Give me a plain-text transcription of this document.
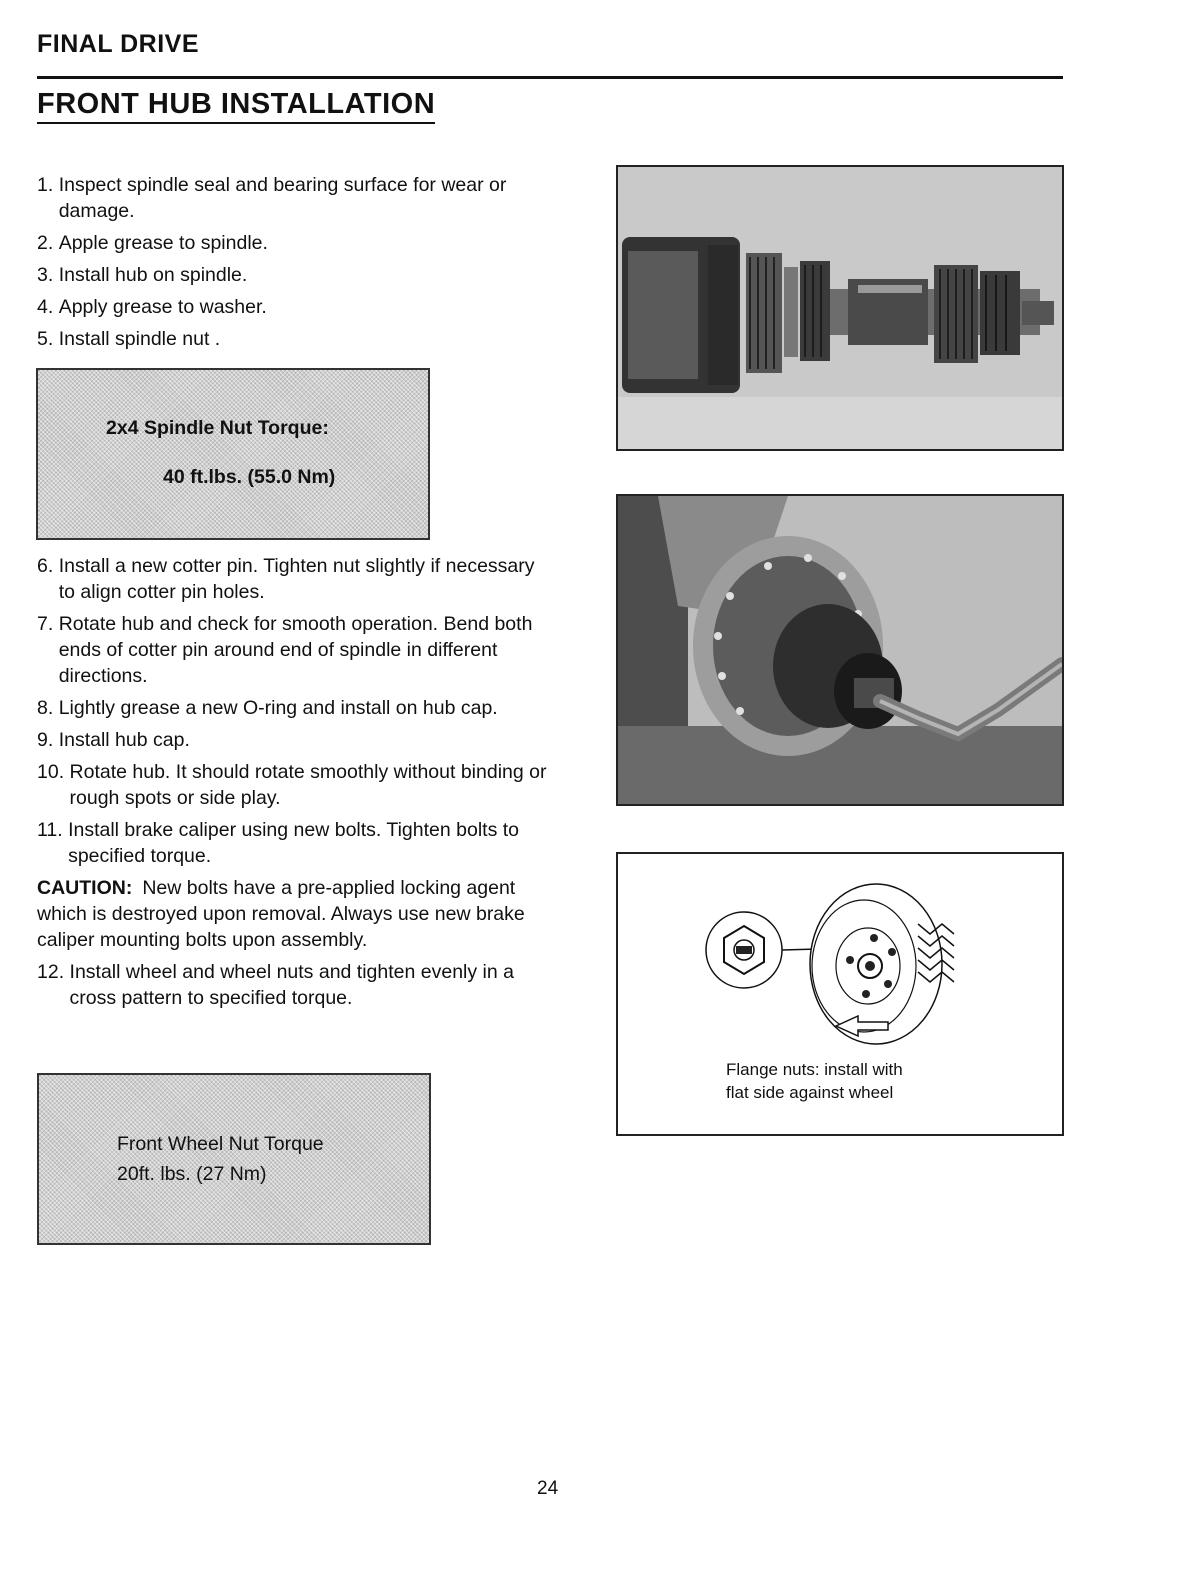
FINAL DRIVE
FRONT HUB INSTALLATION
1. Inspect spindle seal and bearing surface for wear or damage.
2. Apple grease to spindle.
3. Install hub on spindle.
4. Apply grease to washer.
5. Install spindle nut .
2x4 Spindle Nut Torque:
40 ft.lbs. (55.0 Nm)
6. Install a new cotter pin. Tighten nut slightly if necessary to align cotter pin holes.
7. Rotate hub and check for smooth operation. Bend both ends of cotter pin around end of spindle in different directions.
8. Lightly grease a new O-ring and install on hub cap.
9. Install hub cap.
10. Rotate hub. It should rotate smoothly without binding or rough spots or side play.
11. Install brake caliper using new bolts. Tighten bolts to specified torque.
CAUTION: New bolts have a pre-applied locking agent which is destroyed upon removal. Always use new brake caliper mounting bolts upon assembly.
12. Install wheel and wheel nuts and tighten evenly in a cross pattern to specified torque.
Front Wheel Nut Torque
20ft. lbs. (27 Nm)
Flange nuts: install with
flat side against wheel
24
